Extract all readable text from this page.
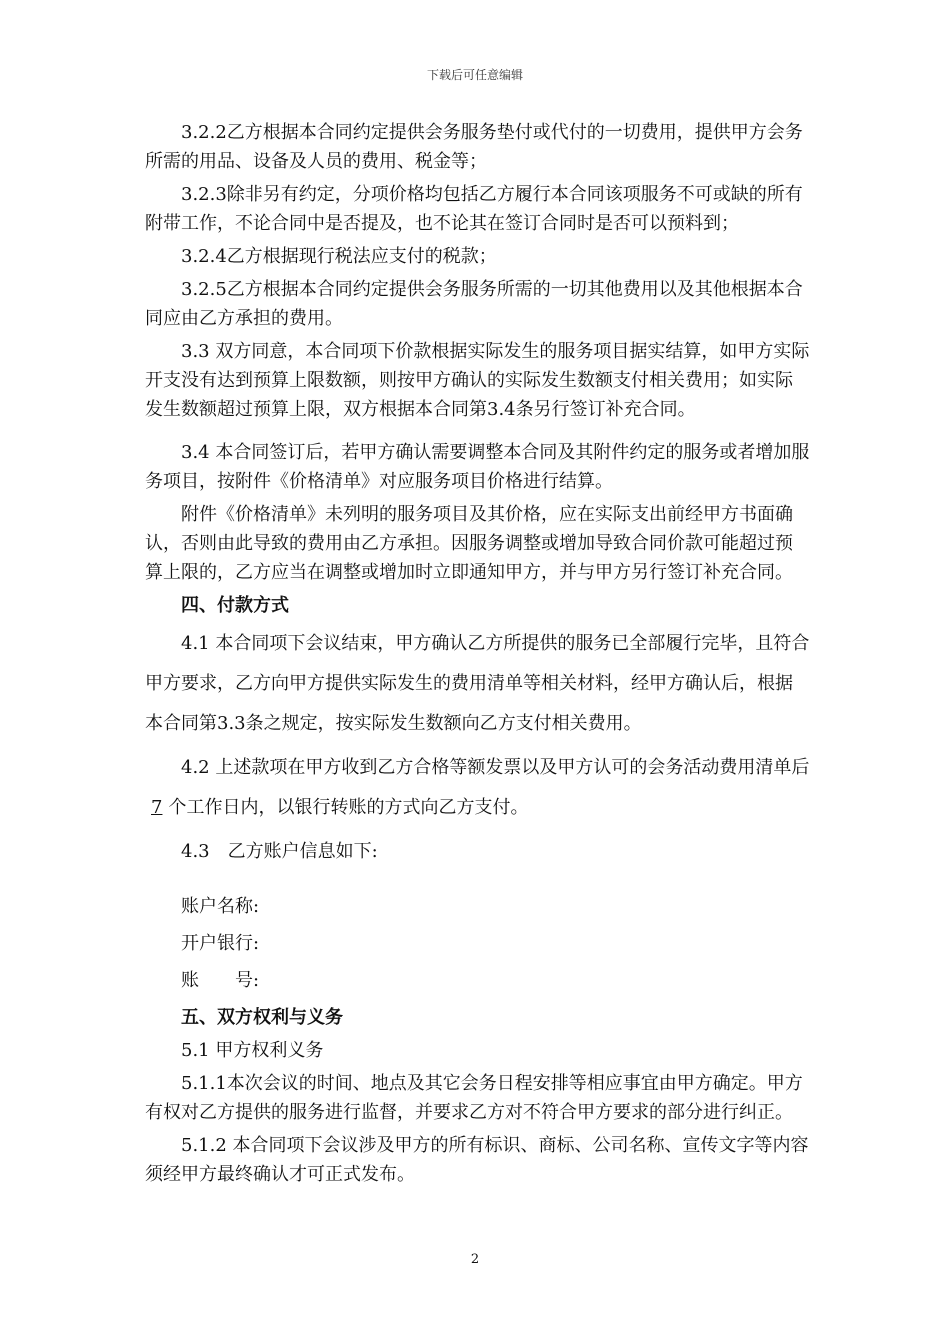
下载后可任意编辑

3.2.2乙方根据本合同约定提供会务服务垫付或代付的一切费用，提供甲方会务所需的用品、设备及人员的费用、税金等；

3.2.3除非另有约定，分项价格均包括乙方履行本合同该项服务不可或缺的所有附带工作，不论合同中是否提及，也不论其在签订合同时是否可以预料到；

3.2.4乙方根据现行税法应支付的税款；

3.2.5乙方根据本合同约定提供会务服务所需的一切其他费用以及其他根据本合同应由乙方承担的费用。

3.3 双方同意，本合同项下价款根据实际发生的服务项目据实结算，如甲方实际开支没有达到预算上限数额，则按甲方确认的实际发生数额支付相关费用；如实际发生数额超过预算上限，双方根据本合同第3.4条另行签订补充合同。

3.4 本合同签订后，若甲方确认需要调整本合同及其附件约定的服务或者增加服务项目，按附件《价格清单》对应服务项目价格进行结算。

附件《价格清单》未列明的服务项目及其价格，应在实际支出前经甲方书面确认，否则由此导致的费用由乙方承担。因服务调整或增加导致合同价款可能超过预算上限的，乙方应当在调整或增加时立即通知甲方，并与甲方另行签订补充合同。

四、付款方式

4.1 本合同项下会议结束，甲方确认乙方所提供的服务已全部履行完毕，且符合甲方要求，乙方向甲方提供实际发生的费用清单等相关材料，经甲方确认后，根据本合同第3.3条之规定，按实际发生数额向乙方支付相关费用。

4.2 上述款项在甲方收到乙方合格等额发票以及甲方认可的会务活动费用清单后7 个工作日内，以银行转账的方式向乙方支付。

4.3　乙方账户信息如下:

账户名称:

开户银行:

账　　号:

五、双方权利与义务

5.1 甲方权利义务

5.1.1本次会议的时间、地点及其它会务日程安排等相应事宜由甲方确定。甲方有权对乙方提供的服务进行监督，并要求乙方对不符合甲方要求的部分进行纠正。

5.1.2 本合同项下会议涉及甲方的所有标识、商标、公司名称、宣传文字等内容须经甲方最终确认才可正式发布。

2
